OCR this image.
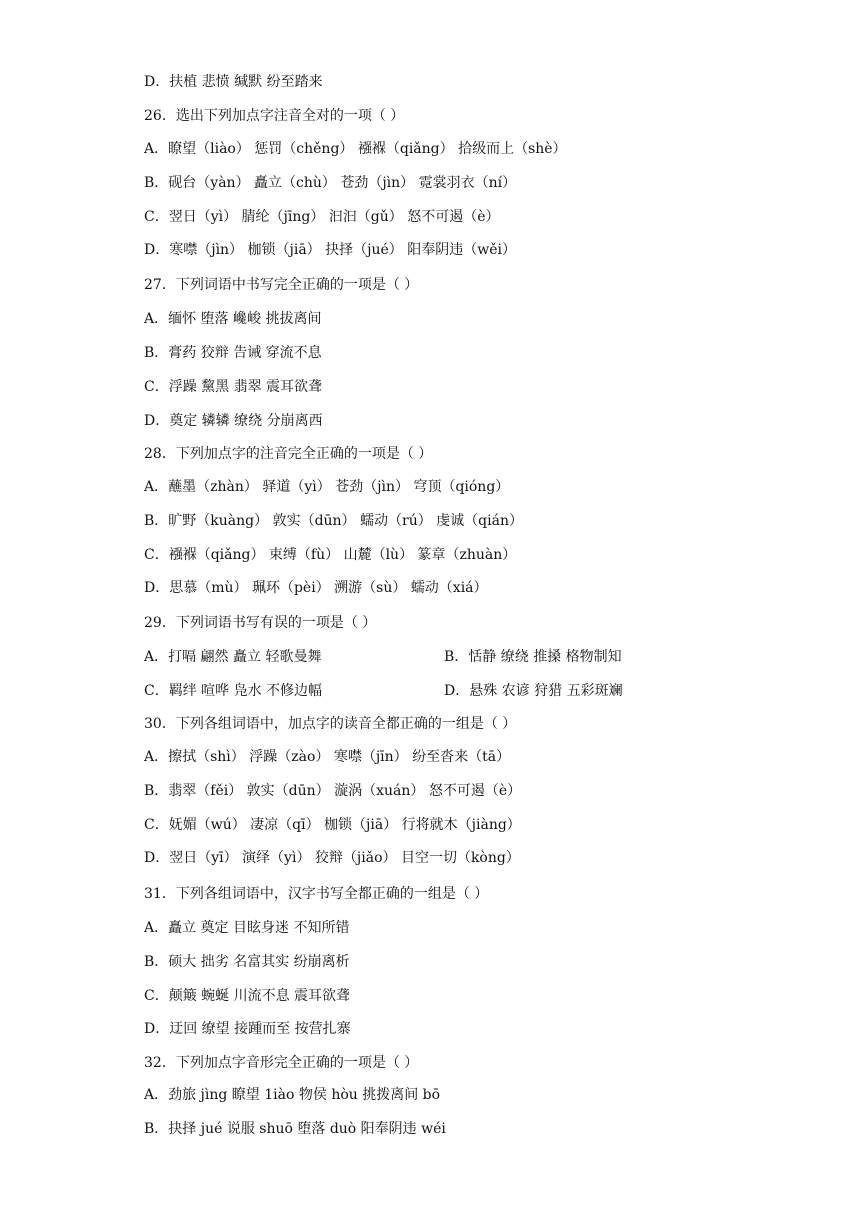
D．扶植 悲愤 缄默 纷至踏来
26．选出下列加点字注音全对的一项（ ）
A．瞭望（liào） 惩罚（chěng） 襁褓（qiǎng） 拾级而上（shè）
B．砚台（yàn） 矗立（chù） 苍劲（jìn） 霓裳羽衣（ní）
C．翌日（yì） 腈纶（jīng） 汩汩（gǔ） 怒不可遏（è）
D．寒噤（jìn） 枷锁（jiā） 抉择（jué） 阳奉阴违（wěi）
27．下列词语中书写完全正确的一项是（ ）
A．缅怀 堕落 巉峻 挑拔离间
B．膏药 狡辩 告诫 穿流不息
C．浮躁 黧黑 翡翠 震耳欲聋
D．奠定 辚辚 缭绕 分崩离西
28．下列加点字的注音完全正确的一项是（ ）
A．蘸墨（zhàn） 驿道（yì） 苍劲（jìn） 穹顶（qióng）
B．旷野（kuàng） 敦实（dūn） 蠕动（rú） 虔诚（qián）
C．襁褓（qiǎng） 束缚（fù） 山麓（lù） 篆章（zhuàn）
D．思慕（mù） 珮环（pèi） 溯游（sù） 蠕动（xiá）
29．下列词语书写有误的一项是（ ）
A．打嗝 翩然 矗立 轻歌曼舞	B．恬静 缭绕 推搡 格物制知
C．羁绊 喧哗 凫水 不修边幅	D．悬殊 农谚 狩猎 五彩斑斓
30．下列各组词语中，加点字的读音全都正确的一组是（ ）
A．擦拭（shì） 浮躁（zào） 寒噤（jīn） 纷至沓来（tā）
B．翡翠（fěi） 敦实（dūn） 漩涡（xuán） 怒不可遏（è）
C．妩媚（wú） 凄凉（qī） 枷锁（jiā） 行将就木（jiàng）
D．翌日（yī） 演绎（yì） 狡辩（jiǎo） 目空一切（kòng）
31．下列各组词语中，汉字书写全都正确的一组是（ ）
A．矗立 奠定 目眩身迷 不知所错
B．硕大 拙劣 名富其实 纷崩离析
C．颠簸 蜿蜒 川流不息 震耳欲聋
D．迂回 缭望 接踵而至 按营扎寨
32．下列加点字音形完全正确的一项是（ ）
A．劲旅 jìng 瞭望 1iào 物侯 hòu 挑拨离间 bō
B．抉择 jué 说服 shuō 堕落 duò 阳奉阴违 wéi
